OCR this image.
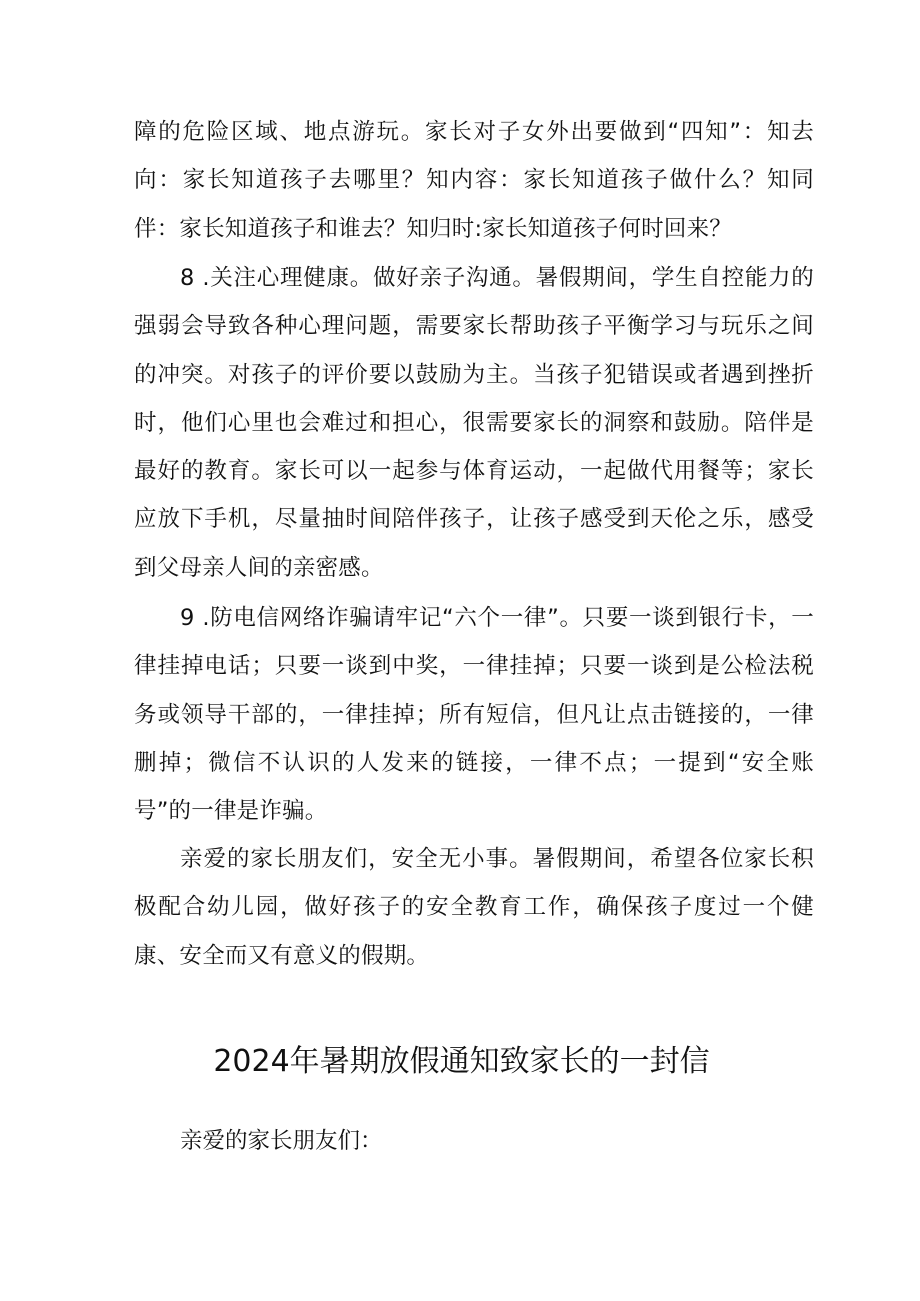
障的危险区域、地点游玩。家长对子女外出要做到“四知”：知去向：家长知道孩子去哪里？知内容：家长知道孩子做什么？知同伴：家长知道孩子和谁去？知归时:家长知道孩子何时回来？

8 .关注心理健康。做好亲子沟通。暑假期间，学生自控能力的强弱会导致各种心理问题，需要家长帮助孩子平衡学习与玩乐之间的冲突。对孩子的评价要以鼓励为主。当孩子犯错误或者遇到挫折时，他们心里也会难过和担心，很需要家长的洞察和鼓励。陪伴是最好的教育。家长可以一起参与体育运动，一起做代用餐等；家长应放下手机，尽量抽时间陪伴孩子，让孩子感受到天伦之乐，感受到父母亲人间的亲密感。

9 .防电信网络诈骗请牢记“六个一律”。只要一谈到银行卡，一律挂掉电话；只要一谈到中奖，一律挂掉；只要一谈到是公检法税务或领导干部的，一律挂掉；所有短信，但凡让点击链接的，一律删掉；微信不认识的人发来的链接，一律不点；一提到“安全账号”的一律是诈骗。

亲爱的家长朋友们，安全无小事。暑假期间，希望各位家长积极配合幼儿园，做好孩子的安全教育工作，确保孩子度过一个健康、安全而又有意义的假期。

2024年暑期放假通知致家长的一封信

亲爱的家长朋友们：
